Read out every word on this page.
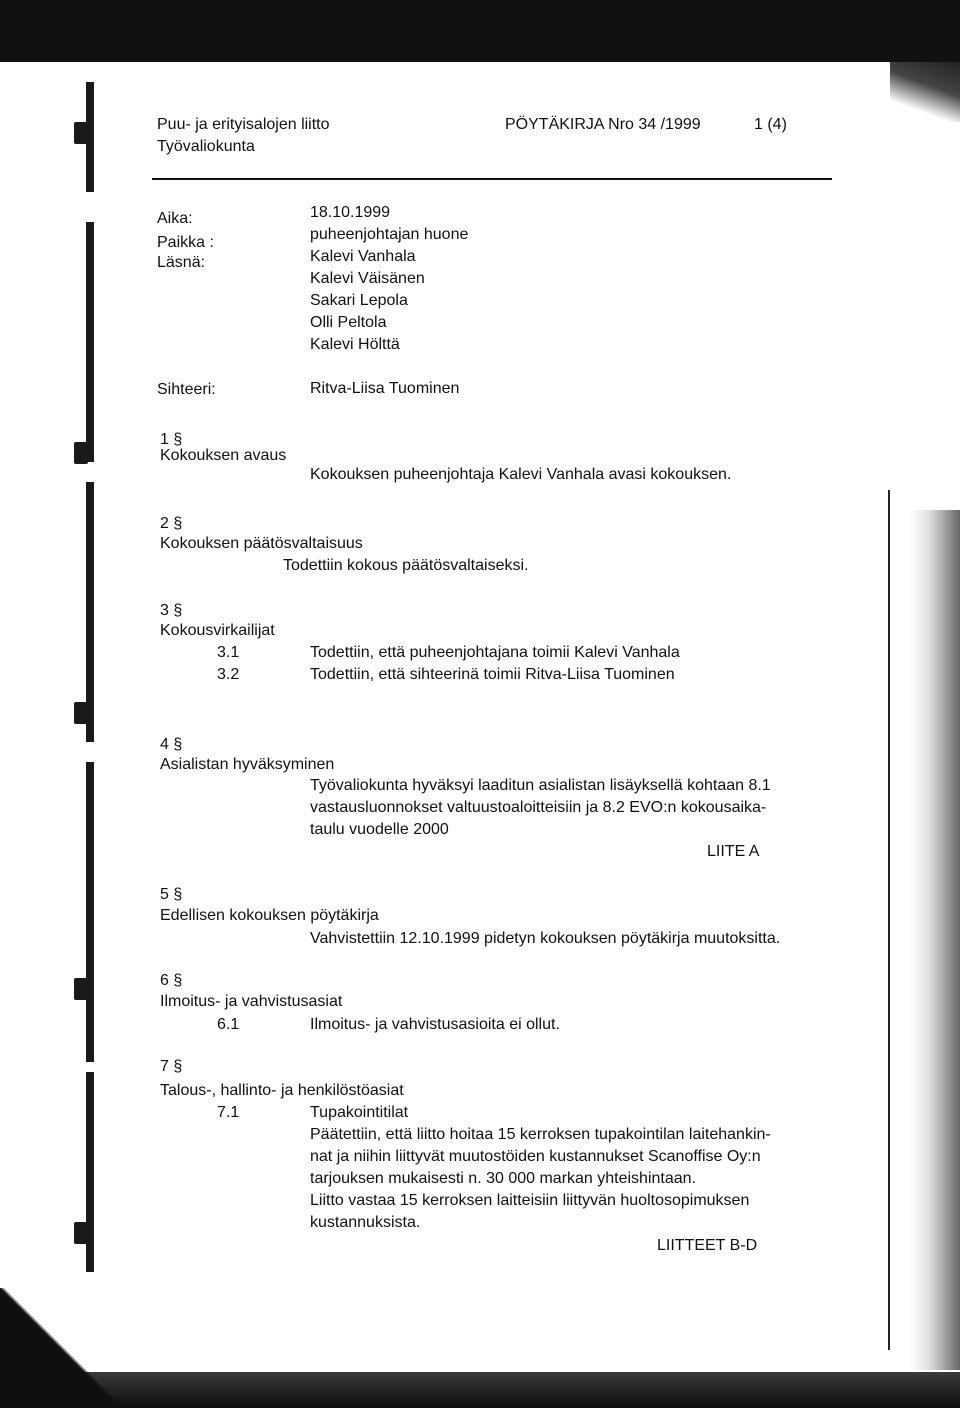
Puu- ja erityisalojen liitto
Työvaliokunta
PÖYTÄKIRJA Nro 34 /1999	1 (4)
Aika:	18.10.1999
Paikka :	puheenjohtajan huone
Läsnä:	Kalevi Vanhala
Kalevi Väisänen
Sakari Lepola
Olli Peltola
Kalevi Hölttä
Sihteeri:	Ritva-Liisa Tuominen
1 §
Kokouksen avaus
Kokouksen puheenjohtaja Kalevi Vanhala avasi kokouksen.
2 §
Kokouksen päätösvaltaisuus
Todettiin kokous päätösvaltaiseksi.
3 §
Kokousvirkailijat
3.1	Todettiin, että puheenjohtajana toimii Kalevi Vanhala
3.2	Todettiin, että sihteerinä toimii Ritva-Liisa Tuominen
4 §
Asialistan hyväksyminen
Työvaliokunta hyväksyi laaditun asialistan lisäyksellä kohtaan 8.1
vastausluonnokset valtuustoaloitteisiin ja 8.2 EVO:n kokousaika-
taulu vuodelle 2000
LIITE A
5 §
Edellisen kokouksen pöytäkirja
Vahvistettiin 12.10.1999 pidetyn kokouksen pöytäkirja muutoksitta.
6 §
Ilmoitus- ja vahvistusasiat
6.1	Ilmoitus- ja vahvistusasioita ei ollut.
7 §
Talous-, hallinto- ja henkilöstöasiat
7.1	Tupakointitilat
Päätettiin, että liitto hoitaa 15 kerroksen tupakointilan laitehankin-
nat ja niihin liittyvät muutostöiden kustannukset Scanoffise Oy:n
tarjouksen mukaisesti n. 30 000 markan yhteishintaan.
Liitto vastaa 15 kerroksen laitteisiin liittyvän huoltosopimuksen
kustannuksista.
LIITTEET B-D
